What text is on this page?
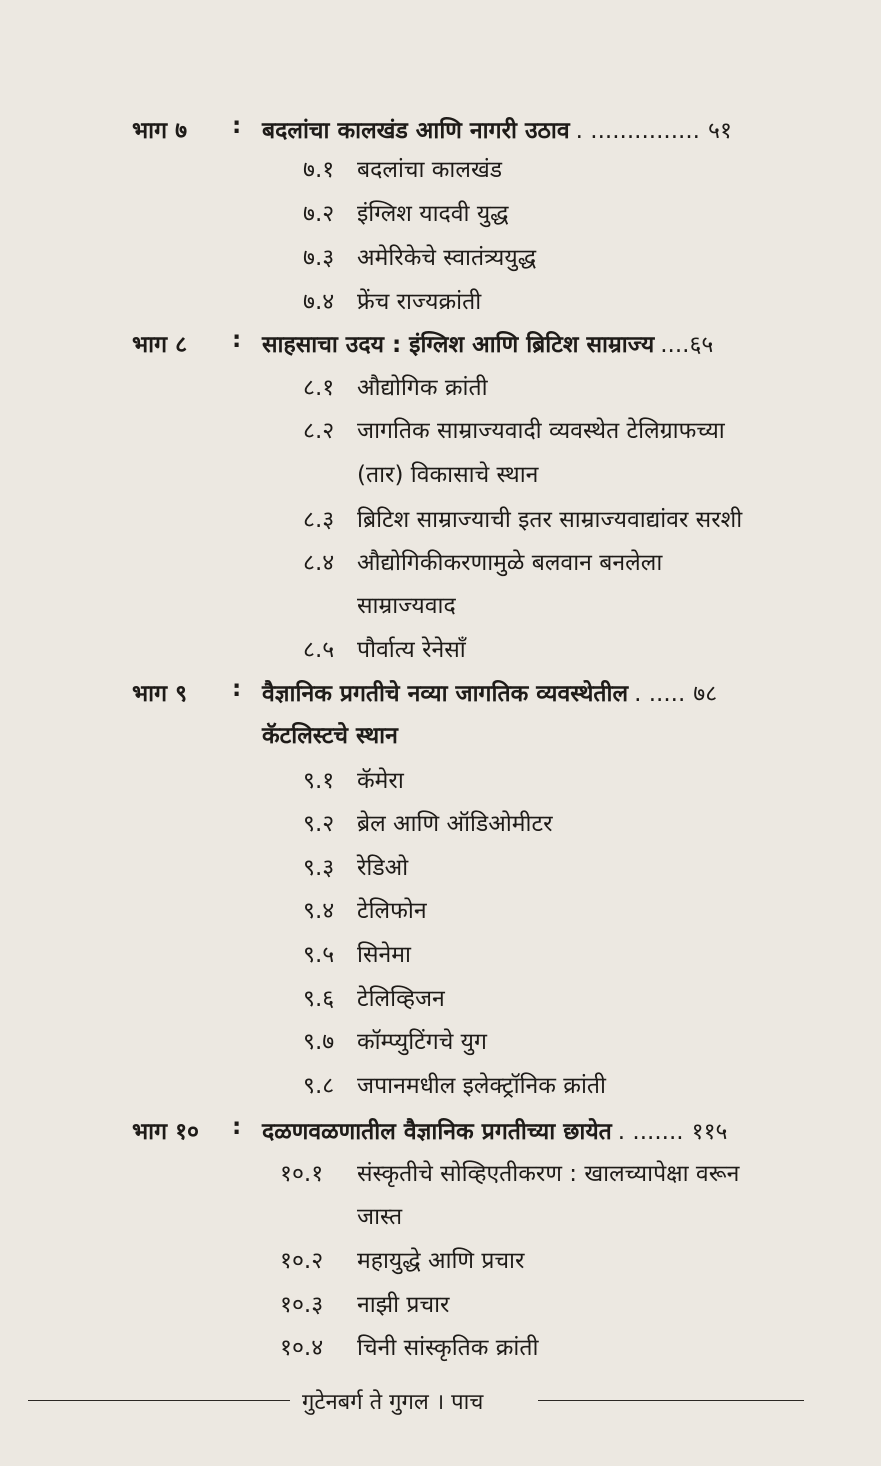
भाग ७ : बदलांचा कालखंड आणि नागरी उठाव . ............... ५१
७.१ बदलांचा कालखंड
७.२ इंग्लिश यादवी युद्ध
७.३ अमेरिकेचे स्वातंत्र्ययुद्ध
७.४ फ्रेंच राज्यक्रांती
भाग ८ : साहसाचा उदय : इंग्लिश आणि ब्रिटिश साम्राज्य ....६५
८.१ औद्योगिक क्रांती
८.२ जागतिक साम्राज्यवादी व्यवस्थेत टेलिग्राफच्या
(तार) विकासाचे स्थान
८.३ ब्रिटिश साम्राज्याची इतर साम्राज्यवाद्यांवर सरशी
८.४ औद्योगिकीकरणामुळे बलवान बनलेला
साम्राज्यवाद
८.५ पौर्वात्य रेनेसाँ
भाग ९ : वैज्ञानिक प्रगतीचे नव्या जागतिक व्यवस्थेतील . ..... ७८
कॅटलिस्टचे स्थान
९.१ कॅमेरा
९.२ ब्रेल आणि ऑडिओमीटर
९.३ रेडिओ
९.४ टेलिफोन
९.५ सिनेमा
९.६ टेलिव्हिजन
९.७ कॉम्प्युटिंगचे युग
९.८ जपानमधील इलेक्ट्रॉनिक क्रांती
भाग १० : दळणवळणातील वैज्ञानिक प्रगतीच्या छायेत . ....... ११५
१०.१ संस्कृतीचे सोव्हिएतीकरण : खालच्यापेक्षा वरून
जास्त
१०.२ महायुद्धे आणि प्रचार
१०.३ नाझी प्रचार
१०.४ चिनी सांस्कृतिक क्रांती
गुटेनबर्ग ते गुगल । पाच
